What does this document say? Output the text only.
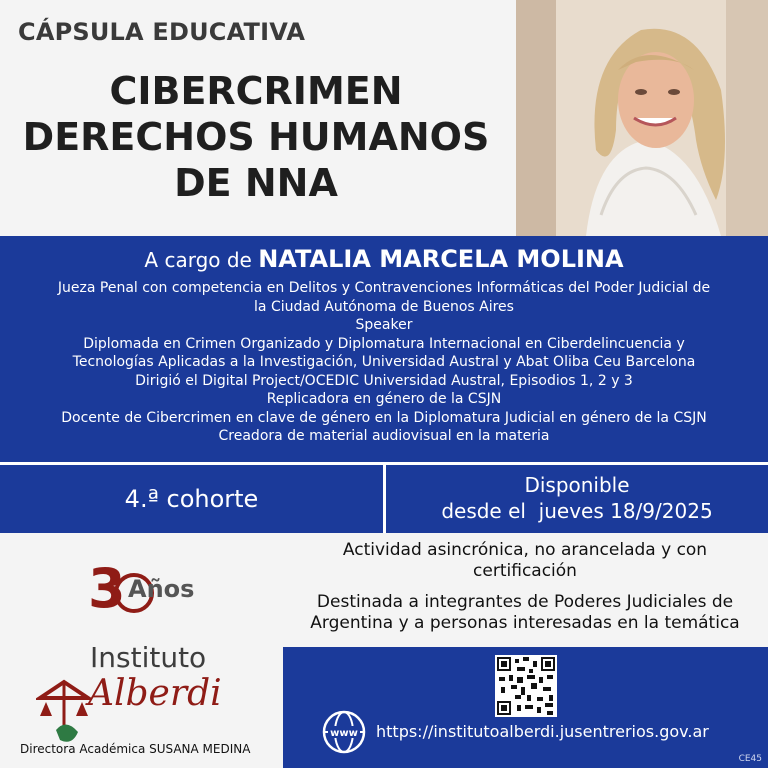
CÁPSULA EDUCATIVA
CIBERCRIMEN
DERECHOS HUMANOS
DE NNA
A cargo de NATALIA MARCELA MOLINA
Jueza Penal con competencia en Delitos y Contravenciones Informáticas del Poder Judicial de
la Ciudad Autónoma de Buenos Aires
Speaker
Diplomada en Crimen Organizado y Diplomatura Internacional en Ciberdelincuencia y
Tecnologías Aplicadas a la Investigación, Universidad Austral y Abat Oliba Ceu Barcelona
Dirigió el Digital Project/OCEDIC Universidad Austral, Episodios 1, 2 y 3
Replicadora en género de la CSJN
Docente de Cibercrimen en clave de género en la Diplomatura Judicial en género de la CSJN
Creadora de material audiovisual en la materia
4.ª cohorte	Disponible
desde el  jueves 18/9/2025
3 Años
Instituto
Alberdi
Directora Académica SUSANA MEDINA

Actividad asincrónica, no arancelada y con certificación

Destinada a integrantes de Poderes Judiciales de Argentina y a personas interesadas en la temática

www https://institutoalberdi.jusentrerios.gov.ar
CE45
